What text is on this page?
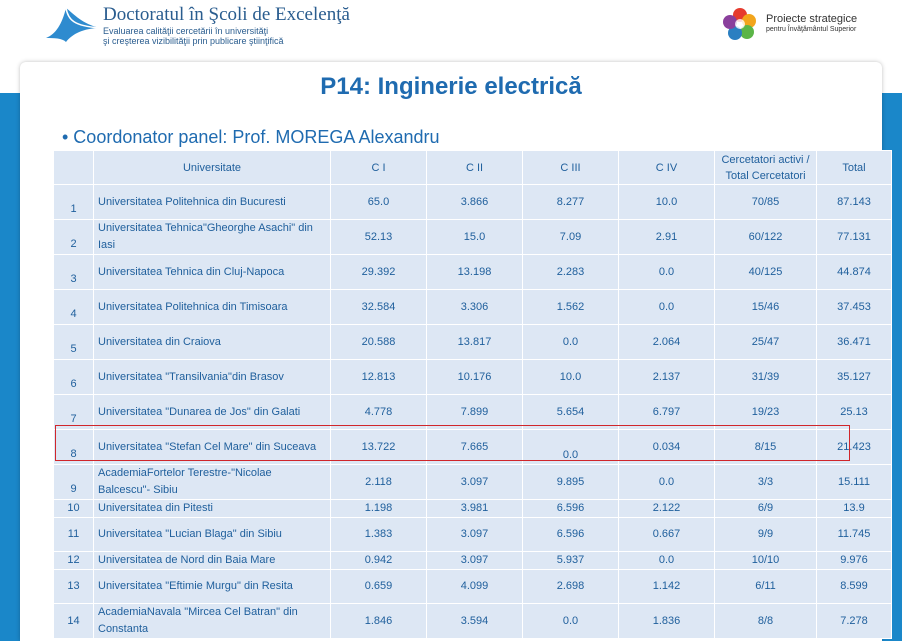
Doctoratul în Şcoli de Excelenţă
Evaluarea calităţii cercetării în universităţi
şi creşterea vizibilităţii prin publicare ştiinţifică
Proiecte strategice
pentru Învăţământul Superior
P14: Inginerie electrică
• Coordonator panel: Prof. MOREGA Alexandru
	Universitate	C I	C II	C III	C IV	Cercetatori activi / Total Cercetatori	Total
1	Universitatea Politehnica din Bucuresti	65.0	3.866	8.277	10.0	70/85	87.143
2	Universitatea Tehnica"Gheorghe Asachi" din Iasi	52.13	15.0	7.09	2.91	60/122	77.131
3	Universitatea Tehnica din Cluj-Napoca	29.392	13.198	2.283	0.0	40/125	44.874
4	Universitatea Politehnica din Timisoara	32.584	3.306	1.562	0.0	15/46	37.453
5	Universitatea din Craiova	20.588	13.817	0.0	2.064	25/47	36.471
6	Universitatea "Transilvania"din Brasov	12.813	10.176	10.0	2.137	31/39	35.127
7	Universitatea "Dunarea de Jos" din Galati	4.778	7.899	5.654	6.797	19/23	25.13
8	Universitatea "Stefan Cel Mare" din Suceava	13.722	7.665	0.0	0.034	8/15	21.423
9	AcademiaFortelor Terestre-"Nicolae Balcescu"- Sibiu	2.118	3.097	9.895	0.0	3/3	15.111
10	Universitatea din Pitesti	1.198	3.981	6.596	2.122	6/9	13.9
11	Universitatea "Lucian Blaga" din Sibiu	1.383	3.097	6.596	0.667	9/9	11.745
12	Universitatea de Nord din Baia Mare	0.942	3.097	5.937	0.0	10/10	9.976
13	Universitatea "Eftimie Murgu" din Resita	0.659	4.099	2.698	1.142	6/11	8.599
14	AcademiaNavala "Mircea Cel Batran" din Constanta	1.846	3.594	0.0	1.836	8/8	7.278
